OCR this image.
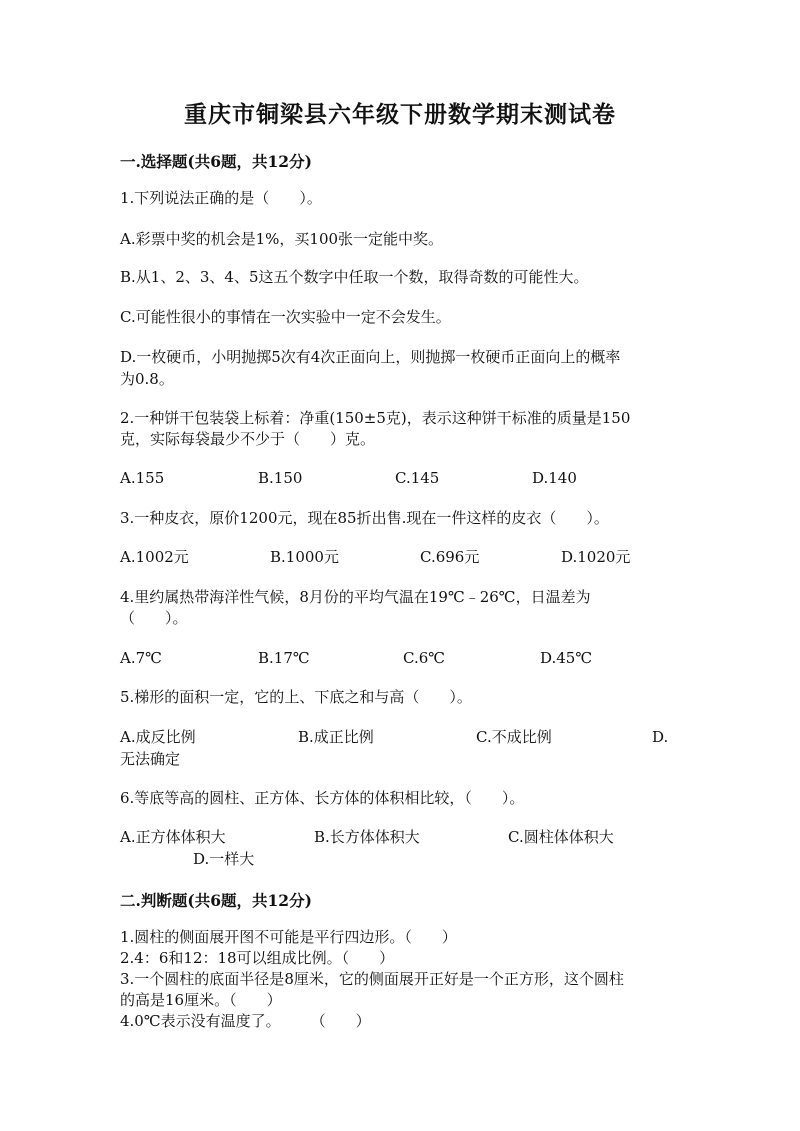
重庆市铜梁县六年级下册数学期末测试卷
一.选择题(共6题，共12分)
1.下列说法正确的是（　　）。
A.彩票中奖的机会是1%，买100张一定能中奖。
B.从1、2、3、4、5这五个数字中任取一个数，取得奇数的可能性大。
C.可能性很小的事情在一次实验中一定不会发生。
D.一枚硬币，小明抛掷5次有4次正面向上，则抛掷一枚硬币正面向上的概率
为0.8。
2.一种饼干包装袋上标着：净重(150±5克)，表示这种饼干标准的质量是150
克，实际每袋最少不少于（　　）克。
A.155	B.150	C.145	D.140
3.一种皮衣，原价1200元，现在85折出售.现在一件这样的皮衣（　　）。
A.1002元	B.1000元	C.696元	D.1020元
4.里约属热带海洋性气候，8月份的平均气温在19℃﹣26℃，日温差为
（　　）。
A.7℃	B.17℃	C.6℃	D.45℃
5.梯形的面积一定，它的上、下底之和与高（　　）。
A.成反比例	B.成正比例	C.不成比例	D.
无法确定
6.等底等高的圆柱、正方体、长方体的体积相比较，（　　）。
A.正方体体积大	B.长方体体积大	C.圆柱体体积大
D.一样大
二.判断题(共6题，共12分)
1.圆柱的侧面展开图不可能是平行四边形。（　　）
2.4：6和12：18可以组成比例。（　　）
3.一个圆柱的底面半径是8厘米，它的侧面展开正好是一个正方形，这个圆柱
的高是16厘米。（　　）
4.0℃表示没有温度了。　　　（　　）
